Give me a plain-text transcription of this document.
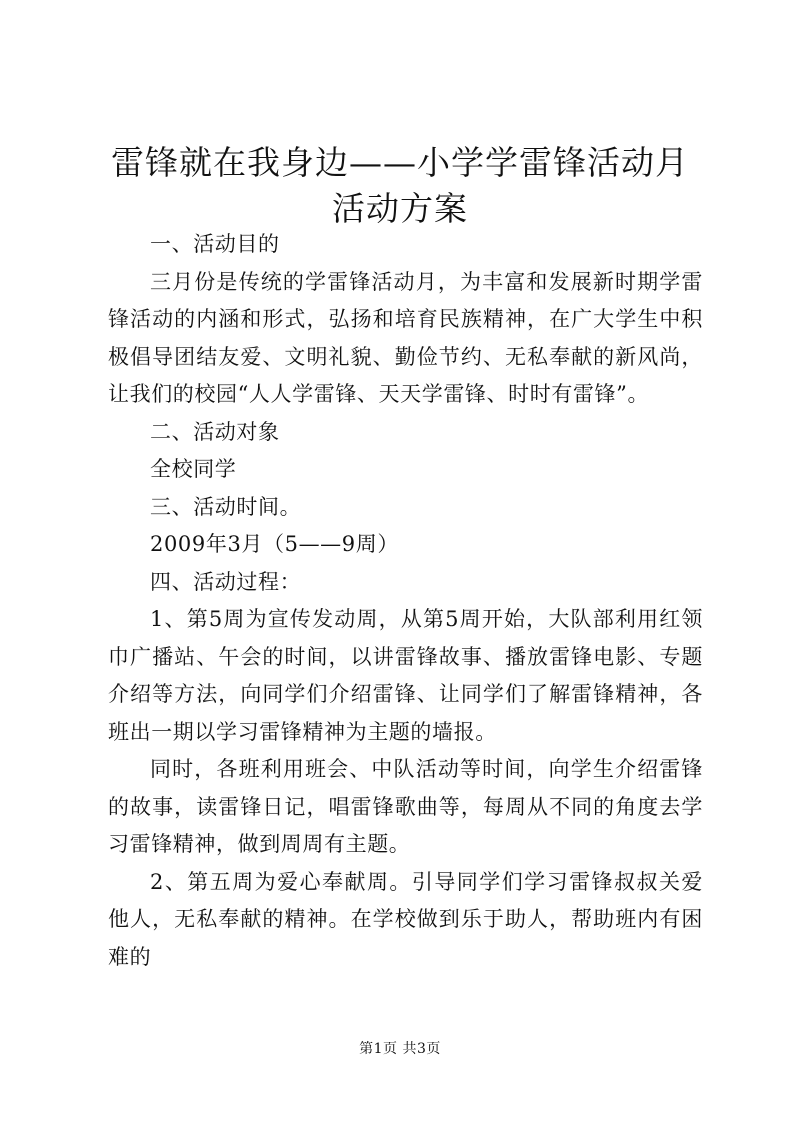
雷锋就在我身边——小学学雷锋活动月活动方案

一、活动目的

三月份是传统的学雷锋活动月，为丰富和发展新时期学雷锋活动的内涵和形式，弘扬和培育民族精神，在广大学生中积极倡导团结友爱、文明礼貌、勤俭节约、无私奉献的新风尚，让我们的校园“人人学雷锋、天天学雷锋、时时有雷锋”。

二、活动对象

全校同学

三、活动时间。

2009年3月（5——9周）

四、活动过程：

1、第5周为宣传发动周，从第5周开始，大队部利用红领巾广播站、午会的时间，以讲雷锋故事、播放雷锋电影、专题介绍等方法，向同学们介绍雷锋、让同学们了解雷锋精神，各班出一期以学习雷锋精神为主题的墙报。

同时，各班利用班会、中队活动等时间，向学生介绍雷锋的故事，读雷锋日记，唱雷锋歌曲等，每周从不同的角度去学习雷锋精神，做到周周有主题。

2、第五周为爱心奉献周。引导同学们学习雷锋叔叔关爱他人，无私奉献的精神。在学校做到乐于助人，帮助班内有困难的

第1页 共3页
